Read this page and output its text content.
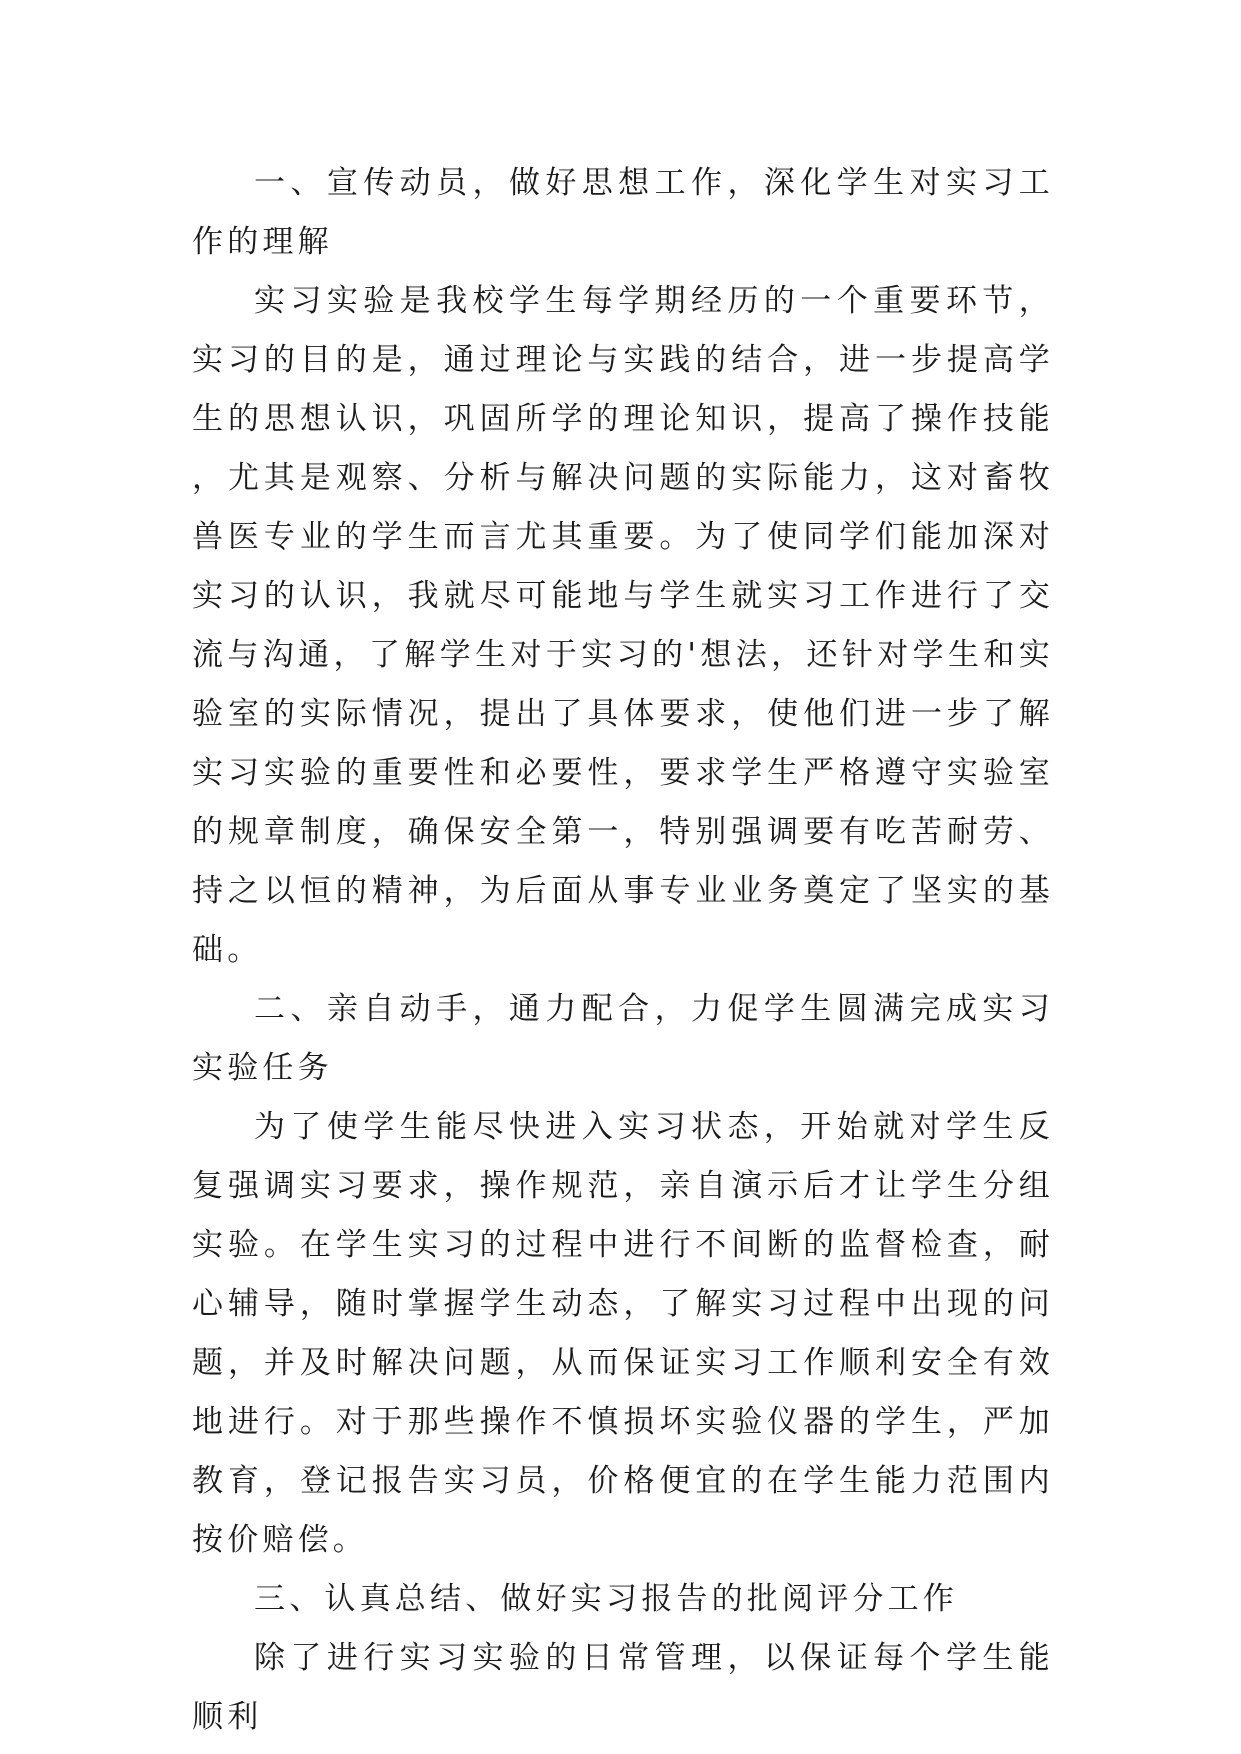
一、宣传动员，做好思想工作，深化学生对实习工作的理解

实习实验是我校学生每学期经历的一个重要环节，实习的目的是，通过理论与实践的结合，进一步提高学生的思想认识，巩固所学的理论知识，提高了操作技能，尤其是观察、分析与解决问题的实际能力，这对畜牧兽医专业的学生而言尤其重要。为了使同学们能加深对实习的认识，我就尽可能地与学生就实习工作进行了交流与沟通，了解学生对于实习的'想法，还针对学生和实验室的实际情况，提出了具体要求，使他们进一步了解实习实验的重要性和必要性，要求学生严格遵守实验室的规章制度，确保安全第一，特别强调要有吃苦耐劳、持之以恒的精神，为后面从事专业业务奠定了坚实的基础。

二、亲自动手，通力配合，力促学生圆满完成实习实验任务

为了使学生能尽快进入实习状态，开始就对学生反复强调实习要求，操作规范，亲自演示后才让学生分组实验。在学生实习的过程中进行不间断的监督检查，耐心辅导，随时掌握学生动态，了解实习过程中出现的问题，并及时解决问题，从而保证实习工作顺利安全有效地进行。对于那些操作不慎损坏实验仪器的学生，严加教育，登记报告实习员，价格便宜的在学生能力范围内按价赔偿。

三、认真总结、做好实习报告的批阅评分工作

除了进行实习实验的日常管理，以保证每个学生能顺利
